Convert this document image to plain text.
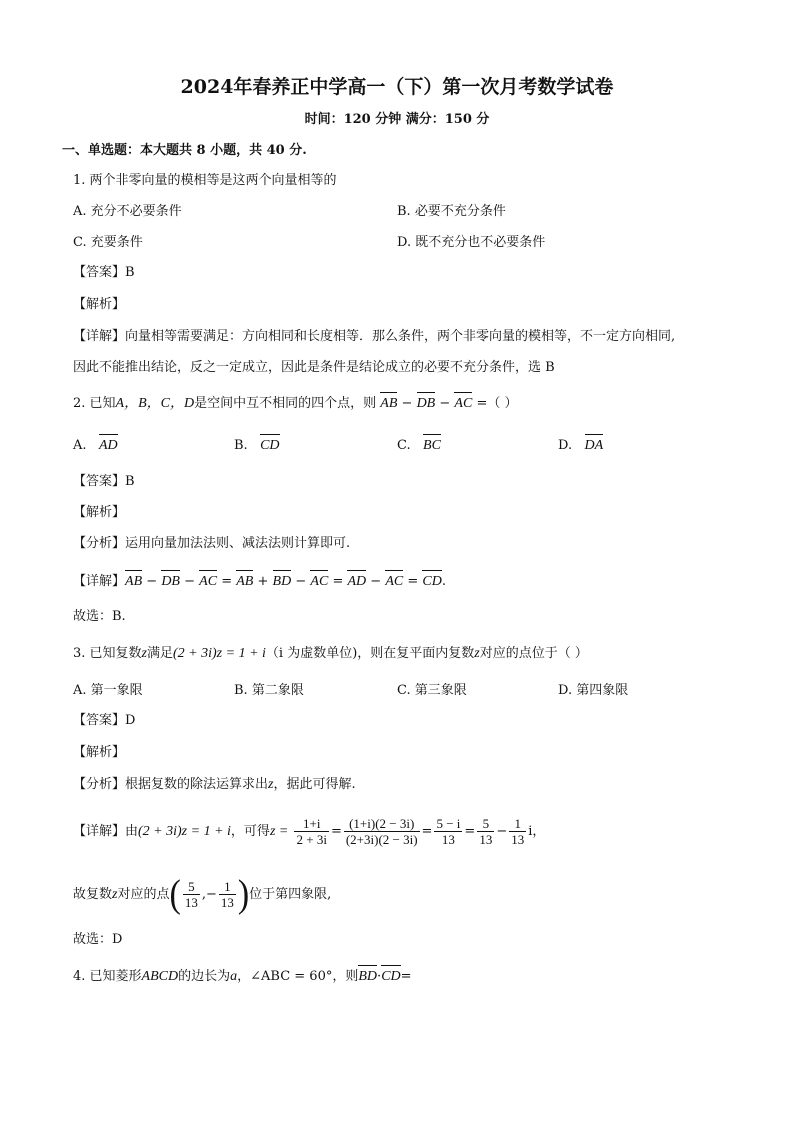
2024年春养正中学高一（下）第一次月考数学试卷
时间：120 分钟 满分：150 分
一、单选题：本大题共 8 小题，共 40 分.
1. 两个非零向量的模相等是这两个向量相等的
A. 充分不必要条件	B. 必要不充分条件
C. 充要条件	D. 既不充分也不必要条件
【答案】B
【解析】
【详解】向量相等需要满足：方向相同和长度相等．那么条件，两个非零向量的模相等，不一定方向相同,
因此不能推出结论，反之一定成立，因此是条件是结论成立的必要不充分条件，选 B
2. 已知A，B，C，D是空间中互不相同的四个点，则 AB − DB − AC =（ ）
A. AD	B. CD	C. BC	D. DA
【答案】B
【解析】
【分析】运用向量加法法则、减法法则计算即可.
【详解】AB − DB − AC = AB + BD − AC = AD − AC = CD.
故选：B.
3. 已知复数z满足(2 + 3i)z = 1 + i（i 为虚数单位)，则在复平面内复数z对应的点位于（ ）
A. 第一象限	B. 第二象限	C. 第三象限	D. 第四象限
【答案】D
【解析】
【分析】根据复数的除法运算求出z，据此可得解.
【详解】由(2 + 3i)z = 1 + i，可得$z = \frac{1+i}{2 + 3i} = \frac{(1+i)(2 - 3i)}{(2+3i)(2 - 3i)} = \frac{5 - i}{13} = \frac{5}{13} - \frac{1}{13}$ i，
故复数z对应的点( $\frac{5}{13}$ ,− $\frac{1}{13}$ )位于第四象限,
故选：D
4. 已知菱形ABCD的边长为a，∠ABC = 60°，则BD·CD=
